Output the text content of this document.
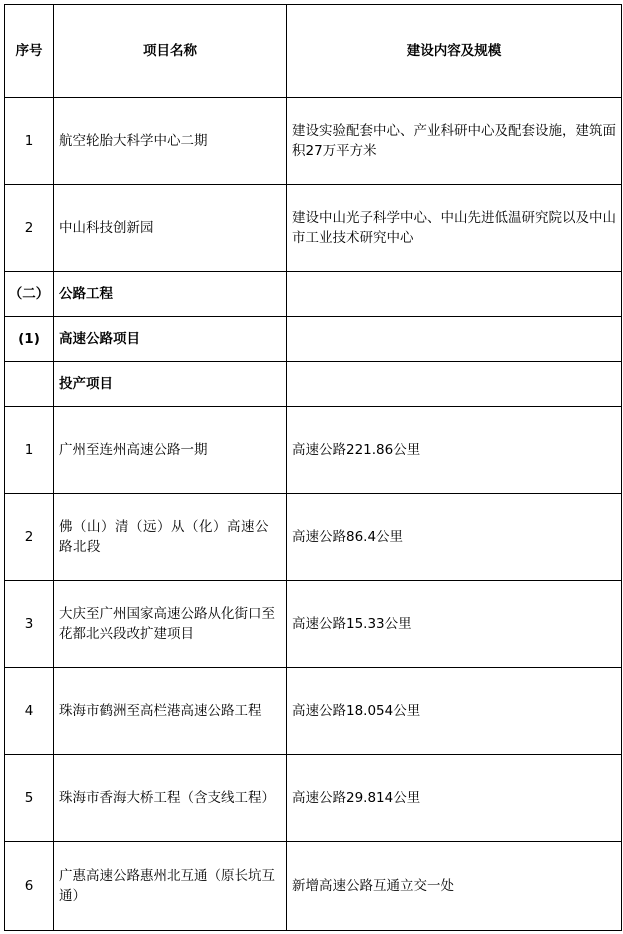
序号	项目名称	建设内容及规模
1	航空轮胎大科学中心二期	建设实验配套中心、产业科研中心及配套设施，建筑面积27万平方米
2	中山科技创新园	建设中山光子科学中心、中山先进低温研究院以及中山市工业技术研究中心
（二）	公路工程	
(1)	高速公路项目	
	投产项目	
1	广州至连州高速公路一期	高速公路221.86公里
2	佛（山）清（远）从（化）高速公路北段	高速公路86.4公里
3	大庆至广州国家高速公路从化街口至花都北兴段改扩建项目	高速公路15.33公里
4	珠海市鹤洲至高栏港高速公路工程	高速公路18.054公里
5	珠海市香海大桥工程（含支线工程）	高速公路29.814公里
6	广惠高速公路惠州北互通（原长坑互通）	新增高速公路互通立交一处
